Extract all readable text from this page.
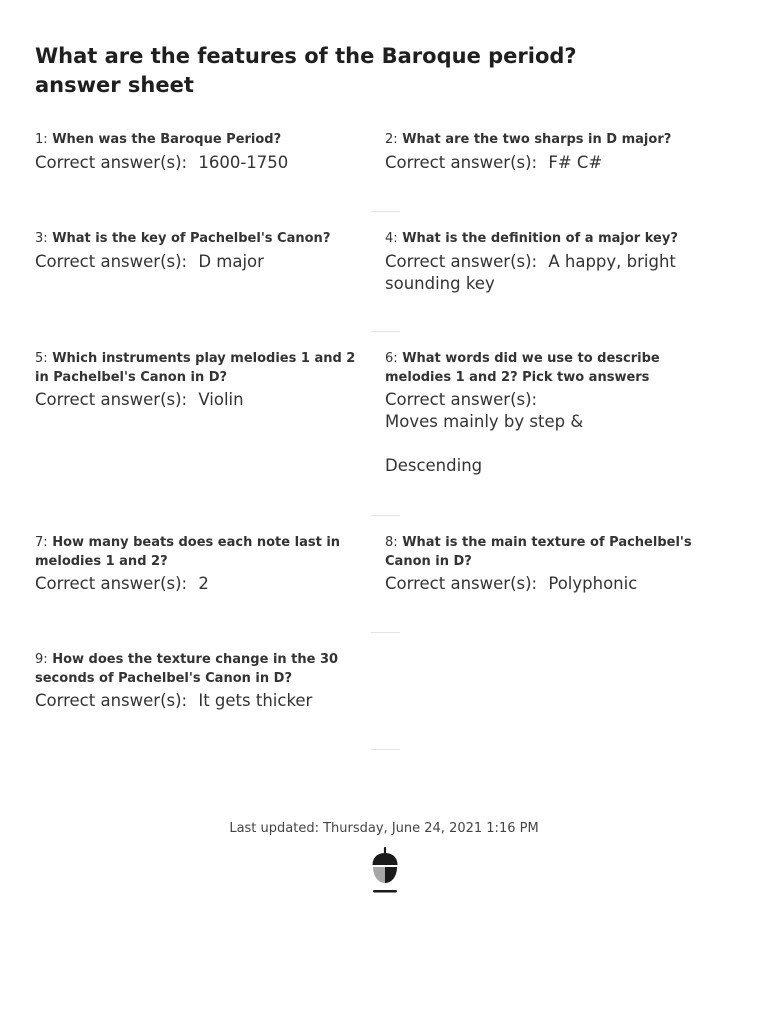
What are the features of the Baroque period?
answer sheet
1: When was the Baroque Period?
Correct answer(s): 1600-1750
2: What are the two sharps in D major?
Correct answer(s): F# C#
3: What is the key of Pachelbel's Canon?
Correct answer(s): D major
4: What is the definition of a major key?
Correct answer(s): A happy, bright sounding key
5: Which instruments play melodies 1 and 2 in Pachelbel's Canon in D?
Correct answer(s): Violin
6: What words did we use to describe melodies 1 and 2? Pick two answers
Correct answer(s):
Moves mainly by step &
Descending
7: How many beats does each note last in melodies 1 and 2?
Correct answer(s): 2
8: What is the main texture of Pachelbel's Canon in D?
Correct answer(s): Polyphonic
9: How does the texture change in the 30 seconds of Pachelbel's Canon in D?
Correct answer(s): It gets thicker
Last updated: Thursday, June 24, 2021 1:16 PM
